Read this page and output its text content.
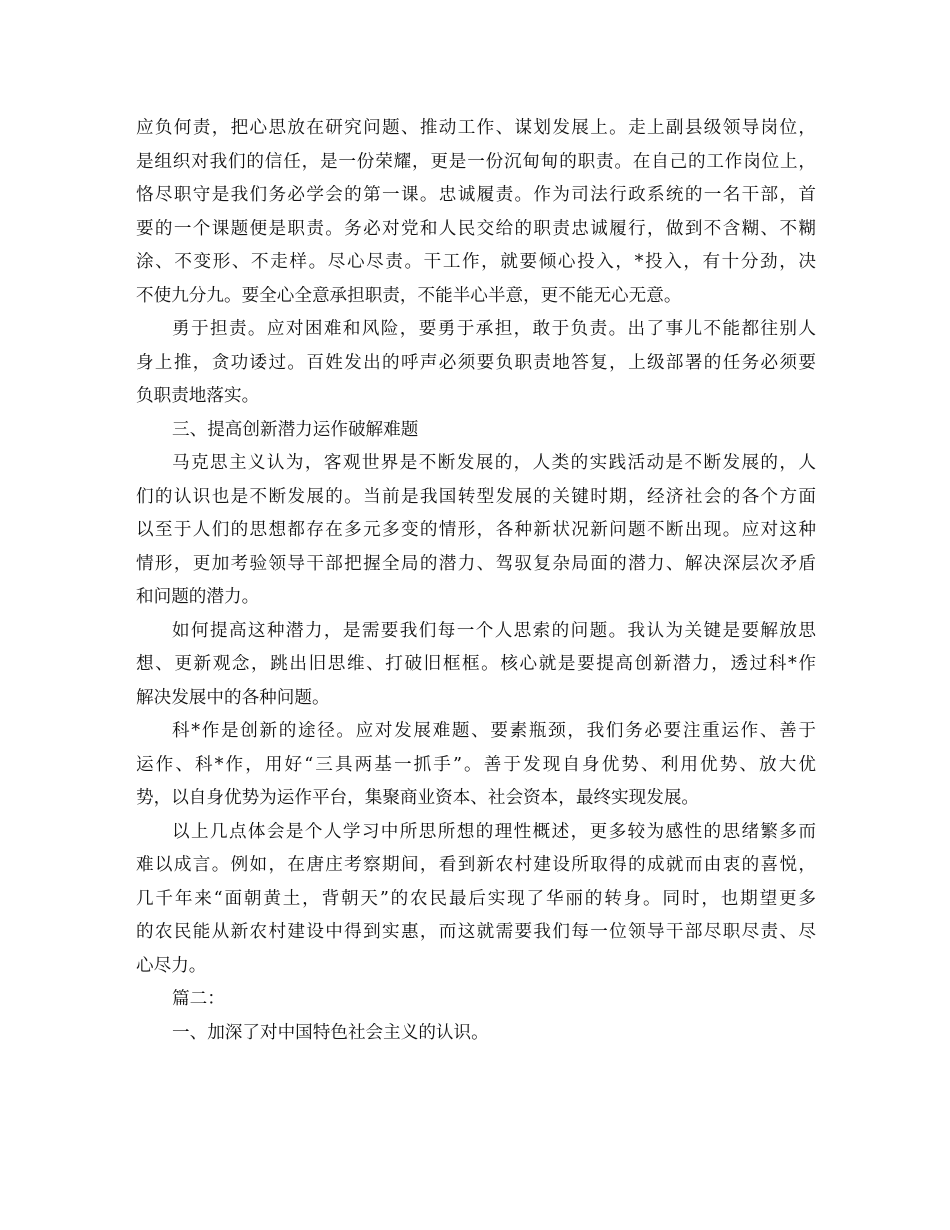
应负何责，把心思放在研究问题、推动工作、谋划发展上。走上副县级领导岗位，
是组织对我们的信任，是一份荣耀，更是一份沉甸甸的职责。在自己的工作岗位上，
恪尽职守是我们务必学会的第一课。忠诚履责。作为司法行政系统的一名干部，首
要的一个课题便是职责。务必对党和人民交给的职责忠诚履行，做到不含糊、不糊
涂、不变形、不走样。尽心尽责。干工作，就要倾心投入，*投入，有十分劲，决
不使九分九。要全心全意承担职责，不能半心半意，更不能无心无意。
勇于担责。应对困难和风险，要勇于承担，敢于负责。出了事儿不能都往别人
身上推，贪功诿过。百姓发出的呼声必须要负职责地答复，上级部署的任务必须要
负职责地落实。
三、提高创新潜力运作破解难题
马克思主义认为，客观世界是不断发展的，人类的实践活动是不断发展的，人
们的认识也是不断发展的。当前是我国转型发展的关键时期，经济社会的各个方面
以至于人们的思想都存在多元多变的情形，各种新状况新问题不断出现。应对这种
情形，更加考验领导干部把握全局的潜力、驾驭复杂局面的潜力、解决深层次矛盾
和问题的潜力。
如何提高这种潜力，是需要我们每一个人思索的问题。我认为关键是要解放思
想、更新观念，跳出旧思维、打破旧框框。核心就是要提高创新潜力，透过科*作
解决发展中的各种问题。
科*作是创新的途径。应对发展难题、要素瓶颈，我们务必要注重运作、善于
运作、科*作，用好“三具两基一抓手”。善于发现自身优势、利用优势、放大优
势，以自身优势为运作平台，集聚商业资本、社会资本，最终实现发展。
以上几点体会是个人学习中所思所想的理性概述，更多较为感性的思绪繁多而
难以成言。例如，在唐庄考察期间，看到新农村建设所取得的成就而由衷的喜悦，
几千年来“面朝黄土，背朝天”的农民最后实现了华丽的转身。同时，也期望更多
的农民能从新农村建设中得到实惠，而这就需要我们每一位领导干部尽职尽责、尽
心尽力。
篇二：
一、加深了对中国特色社会主义的认识。
